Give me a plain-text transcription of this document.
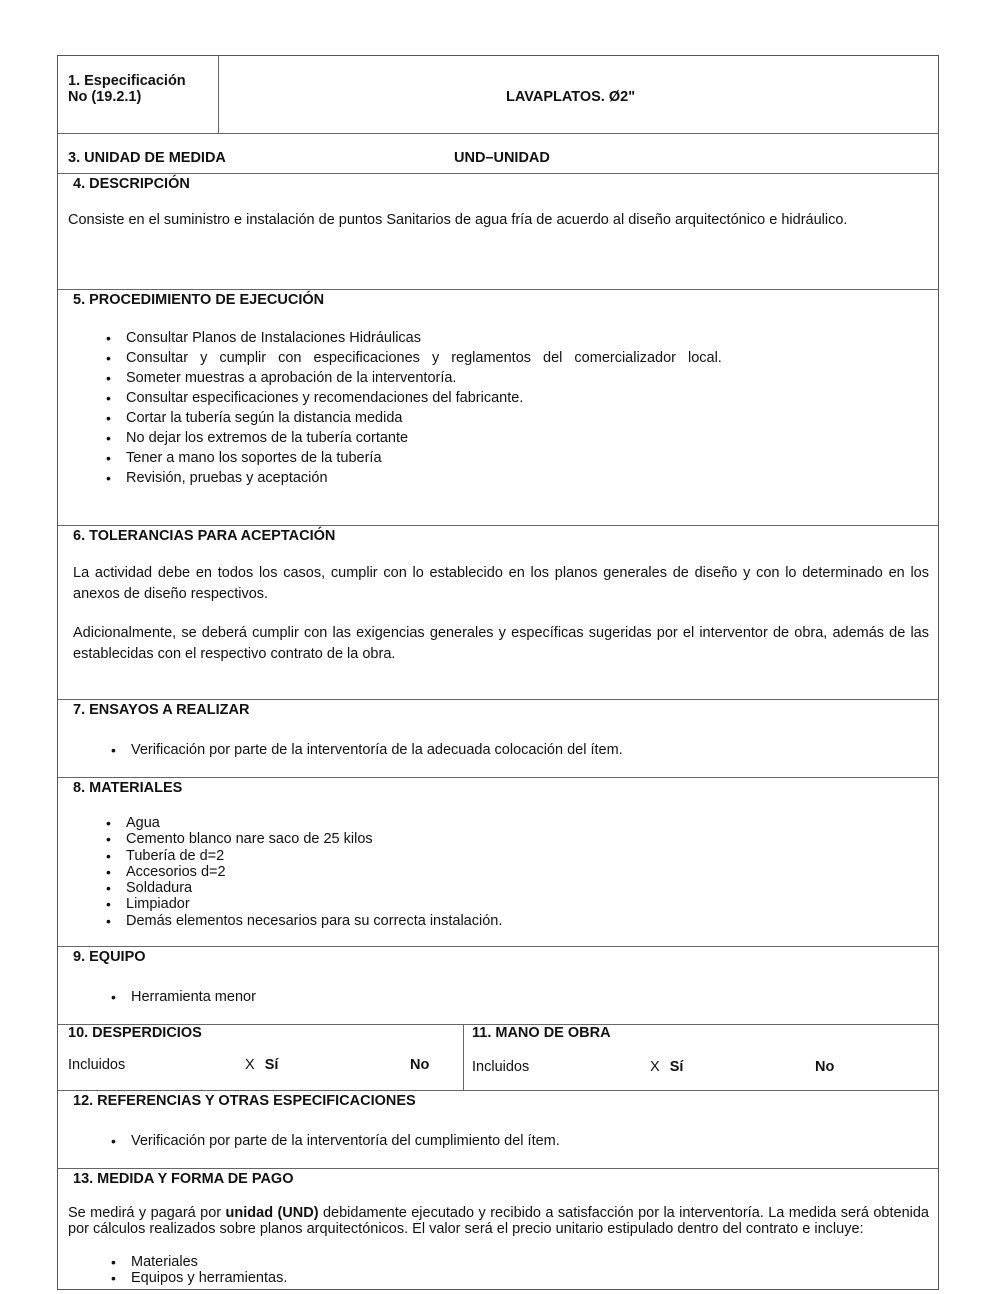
1. Especificación
No (19.2.1)	LAVAPLATOS. Ø2"
3. UNIDAD DE MEDIDA	UND–UNIDAD
4. DESCRIPCIÓN
Consiste en el suministro e instalación de puntos Sanitarios de agua fría de acuerdo al diseño arquitectónico e hidráulico.
5. PROCEDIMIENTO DE EJECUCIÓN
• Consultar Planos de Instalaciones Hidráulicas
• Consultar y cumplir con especificaciones y reglamentos del comercializador local.
• Someter muestras a aprobación de la interventoría.
• Consultar especificaciones y recomendaciones del fabricante.
• Cortar la tubería según la distancia medida
• No dejar los extremos de la tubería cortante
• Tener a mano los soportes de la tubería
• Revisión, pruebas y aceptación
6. TOLERANCIAS PARA ACEPTACIÓN
La actividad debe en todos los casos, cumplir con lo establecido en los planos generales de diseño y con lo determinado en los anexos de diseño respectivos.
Adicionalmente, se deberá cumplir con las exigencias generales y específicas sugeridas por el interventor de obra, además de las establecidas con el respectivo contrato de la obra.
7. ENSAYOS A REALIZAR
• Verificación por parte de la interventoría de la adecuada colocación del ítem.
8. MATERIALES
• Agua
• Cemento blanco nare saco de 25 kilos
• Tubería de d=2
• Accesorios d=2
• Soldadura
• Limpiador
• Demás elementos necesarios para su correcta instalación.
9. EQUIPO
• Herramienta menor
10. DESPERDICIOS
Incluidos	X Sí	No
11. MANO DE OBRA
Incluidos	X Sí	No
12. REFERENCIAS Y OTRAS ESPECIFICACIONES
• Verificación por parte de la interventoría del cumplimiento del ítem.
13. MEDIDA Y FORMA DE PAGO
Se medirá y pagará por unidad (UND) debidamente ejecutado y recibido a satisfacción por la interventoría. La medida será obtenida por cálculos realizados sobre planos arquitectónicos. El valor será el precio unitario estipulado dentro del contrato e incluye:
• Materiales
• Equipos y herramientas.
